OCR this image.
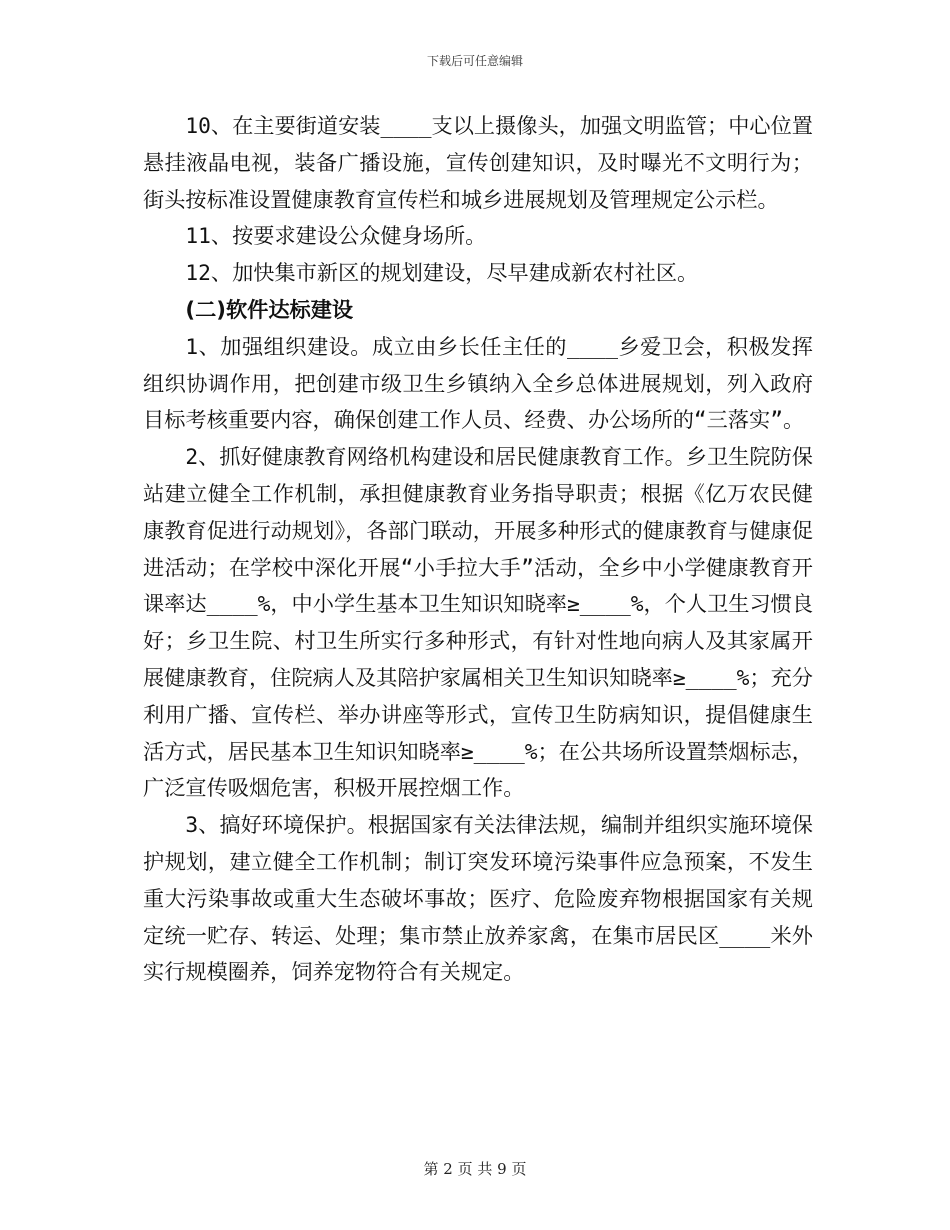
下载后可任意编辑

10、在主要街道安装____支以上摄像头，加强文明监管；中心位置悬挂液晶电视，装备广播设施，宣传创建知识，及时曝光不文明行为；街头按标准设置健康教育宣传栏和城乡进展规划及管理规定公示栏。

11、按要求建设公众健身场所。

12、加快集市新区的规划建设，尽早建成新农村社区。

(二)软件达标建设

1、加强组织建设。成立由乡长任主任的____乡爱卫会，积极发挥组织协调作用，把创建市级卫生乡镇纳入全乡总体进展规划，列入政府目标考核重要内容，确保创建工作人员、经费、办公场所的“三落实”。

2、抓好健康教育网络机构建设和居民健康教育工作。乡卫生院防保站建立健全工作机制，承担健康教育业务指导职责；根据《亿万农民健康教育促进行动规划》，各部门联动，开展多种形式的健康教育与健康促进活动；在学校中深化开展“小手拉大手”活动，全乡中小学健康教育开课率达____%，中小学生基本卫生知识知晓率≥____%，个人卫生习惯良好；乡卫生院、村卫生所实行多种形式，有针对性地向病人及其家属开展健康教育，住院病人及其陪护家属相关卫生知识知晓率≥____%；充分利用广播、宣传栏、举办讲座等形式，宣传卫生防病知识，提倡健康生活方式，居民基本卫生知识知晓率≥____%；在公共场所设置禁烟标志，广泛宣传吸烟危害，积极开展控烟工作。

3、搞好环境保护。根据国家有关法律法规，编制并组织实施环境保护规划，建立健全工作机制；制订突发环境污染事件应急预案，不发生重大污染事故或重大生态破坏事故；医疗、危险废弃物根据国家有关规定统一贮存、转运、处理；集市禁止放养家禽，在集市居民区____米外实行规模圈养，饲养宠物符合有关规定。

第 2 页 共 9 页
